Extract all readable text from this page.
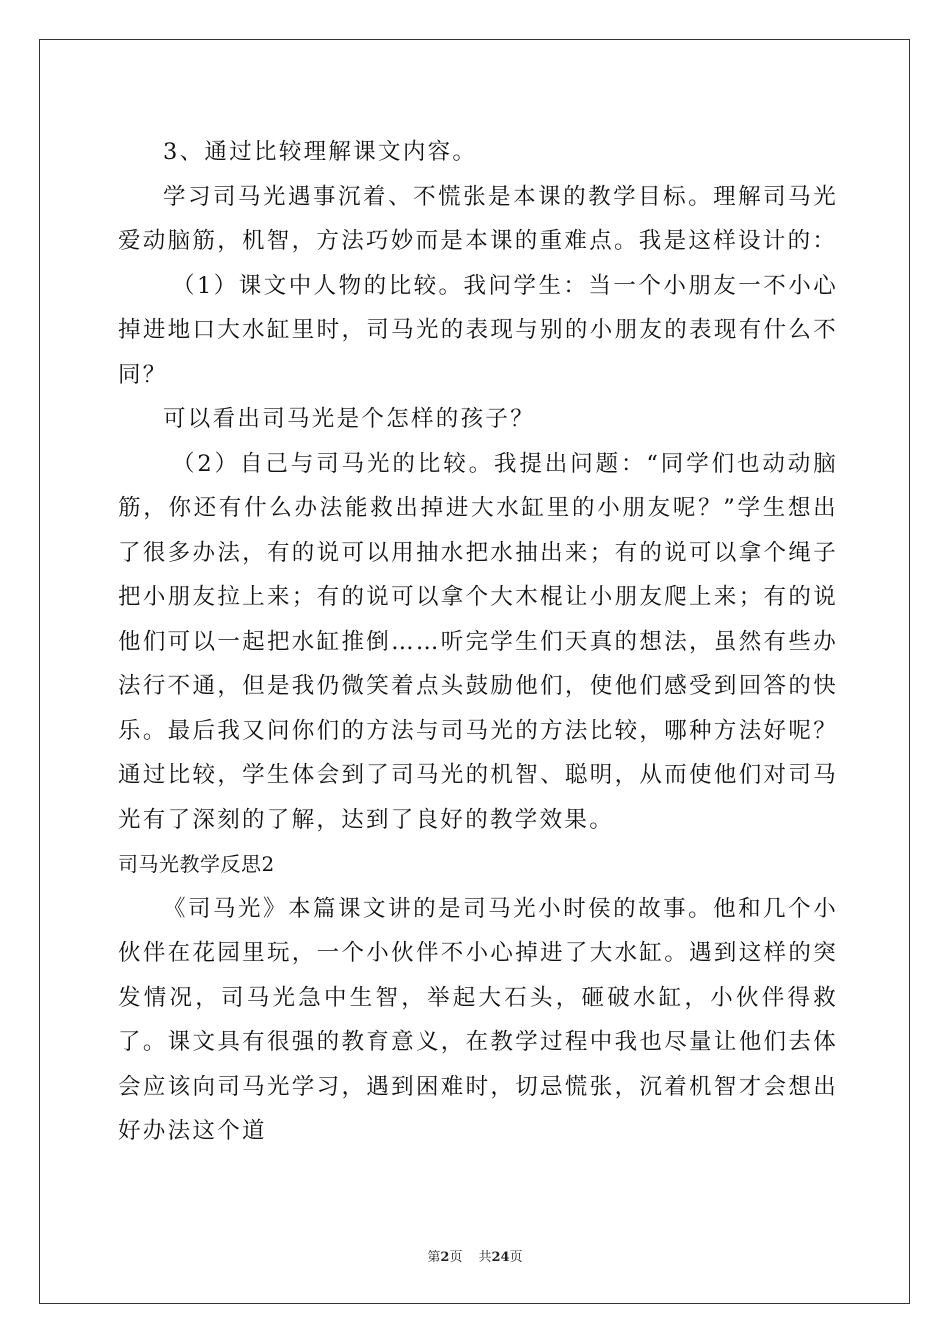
3、通过比较理解课文内容。

学习司马光遇事沉着、不慌张是本课的教学目标。理解司马光爱动脑筋，机智，方法巧妙而是本课的重难点。我是这样设计的：

（1）课文中人物的比较。我问学生：当一个小朋友一不小心掉进地口大水缸里时，司马光的表现与别的小朋友的表现有什么不同？

可以看出司马光是个怎样的孩子？

（2）自己与司马光的比较。我提出问题：“同学们也动动脑筋，你还有什么办法能救出掉进大水缸里的小朋友呢？”学生想出了很多办法，有的说可以用抽水把水抽出来；有的说可以拿个绳子把小朋友拉上来；有的说可以拿个大木棍让小朋友爬上来；有的说他们可以一起把水缸推倒……听完学生们天真的想法，虽然有些办法行不通，但是我仍微笑着点头鼓励他们，使他们感受到回答的快乐。最后我又问你们的方法与司马光的方法比较，哪种方法好呢？通过比较，学生体会到了司马光的机智、聪明，从而使他们对司马光有了深刻的了解，达到了良好的教学效果。

司马光教学反思2

《司马光》本篇课文讲的是司马光小时侯的故事。他和几个小伙伴在花园里玩，一个小伙伴不小心掉进了大水缸。遇到这样的突发情况，司马光急中生智，举起大石头，砸破水缸，小伙伴得救了。课文具有很强的教育意义，在教学过程中我也尽量让他们去体会应该向司马光学习，遇到困难时，切忌慌张，沉着机智才会想出好办法这个道

第2页 共24页
